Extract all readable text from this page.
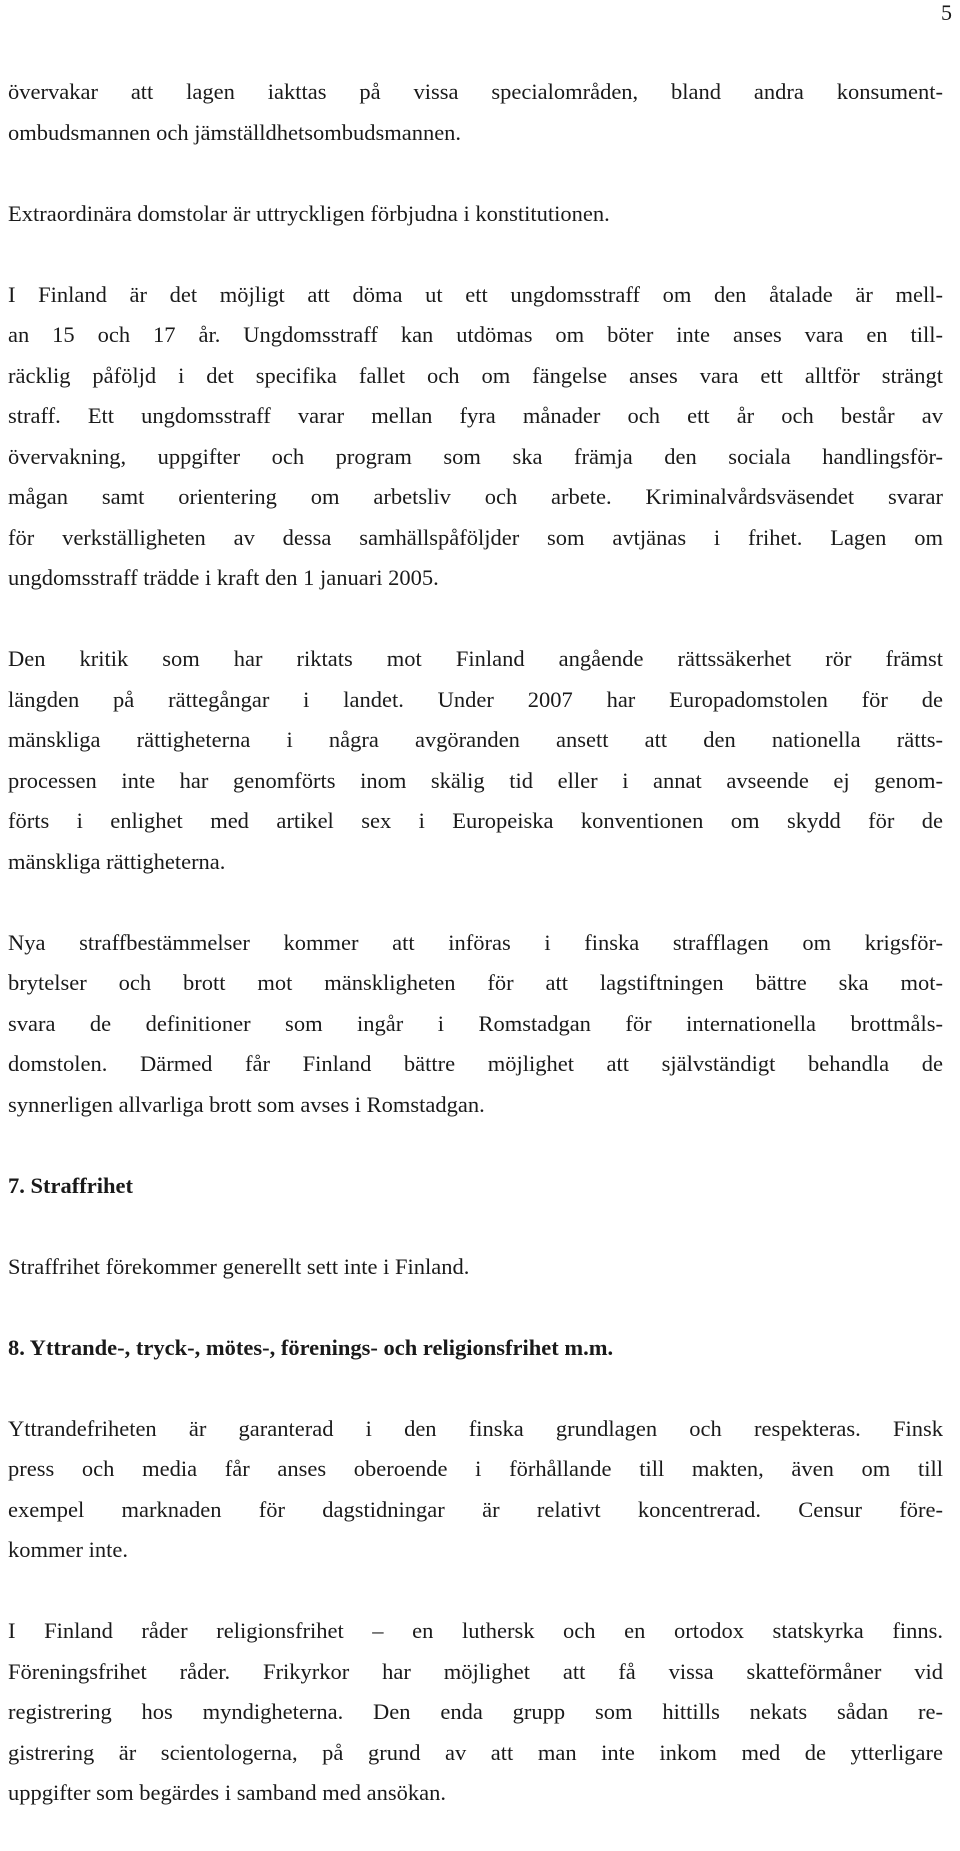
5
övervakar att lagen iakttas på vissa specialområden, bland andra konsument-
ombudsmannen och jämställdhetsombudsmannen.
Extraordinära domstolar är uttryckligen förbjudna i konstitutionen.
I Finland är det möjligt att döma ut ett ungdomsstraff om den åtalade är mell-
an 15 och 17 år. Ungdomsstraff kan utdömas om böter inte anses vara en till-
räcklig påföljd i det specifika fallet och om fängelse anses vara ett alltför strängt
straff. Ett ungdomsstraff varar mellan fyra månader och ett år och består av
övervakning, uppgifter och program som ska främja den sociala handlingsför-
mågan samt orientering om arbetsliv och arbete. Kriminalvårdsväsendet svarar
för verkställigheten av dessa samhällspåföljder som avtjänas i frihet. Lagen om
ungdomsstraff trädde i kraft den 1 januari 2005.
Den kritik som har riktats mot Finland angående rättssäkerhet rör främst
längden på rättegångar i landet. Under 2007 har Europadomstolen för de
mänskliga rättigheterna i några avgöranden ansett att den nationella rätts-
processen inte har genomförts inom skälig tid eller i annat avseende ej genom-
förts i enlighet med artikel sex i Europeiska konventionen om skydd för de
mänskliga rättigheterna.
Nya straffbestämmelser kommer att införas i finska strafflagen om krigsför-
brytelser och brott mot mänskligheten för att lagstiftningen bättre ska mot-
svara de definitioner som ingår i Romstadgan för internationella brottmåls-
domstolen. Därmed får Finland bättre möjlighet att självständigt behandla de
synnerligen allvarliga brott som avses i Romstadgan.
7. Straffrihet
Straffrihet förekommer generellt sett inte i Finland.
8. Yttrande-, tryck-, mötes-, förenings- och religionsfrihet m.m.
Yttrandefriheten är garanterad i den finska grundlagen och respekteras. Finsk
press och media får anses oberoende i förhållande till makten, även om till
exempel marknaden för dagstidningar är relativt koncentrerad. Censur före-
kommer inte.
I Finland råder religionsfrihet – en luthersk och en ortodox statskyrka finns.
Föreningsfrihet råder. Frikyrkor har möjlighet att få vissa skatteförmåner vid
registrering hos myndigheterna. Den enda grupp som hittills nekats sådan re-
gistrering är scientologerna, på grund av att man inte inkom med de ytterligare
uppgifter som begärdes i samband med ansökan.
